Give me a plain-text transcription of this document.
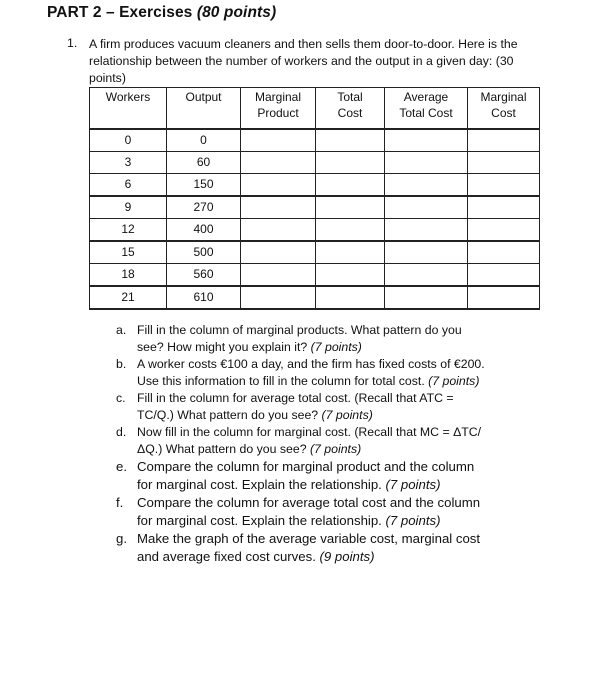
PART 2 – Exercises (80 points)
1. A firm produces vacuum cleaners and then sells them door-to-door. Here is the relationship between the number of workers and the output in a given day: (30 points)
Workers	Output	Marginal Product	Total Cost	Average Total Cost	Marginal Cost
0	0				
3	60				
6	150				
9	270				
12	400				
15	500				
18	560				
21	610				

a. Fill in the column of marginal products. What pattern do you see? How might you explain it? (7 points)

b. A worker costs €100 a day, and the firm has fixed costs of €200. Use this information to fill in the column for total cost. (7 points)

c. Fill in the column for average total cost. (Recall that ATC = TC/Q.) What pattern do you see? (7 points)

d. Now fill in the column for marginal cost. (Recall that MC = ΔTC/ΔQ.) What pattern do you see? (7 points)

e. Compare the column for marginal product and the column for marginal cost. Explain the relationship. (7 points)

f. Compare the column for average total cost and the column for marginal cost. Explain the relationship. (7 points)

g. Make the graph of the average variable cost, marginal cost and average fixed cost curves. (9 points)
